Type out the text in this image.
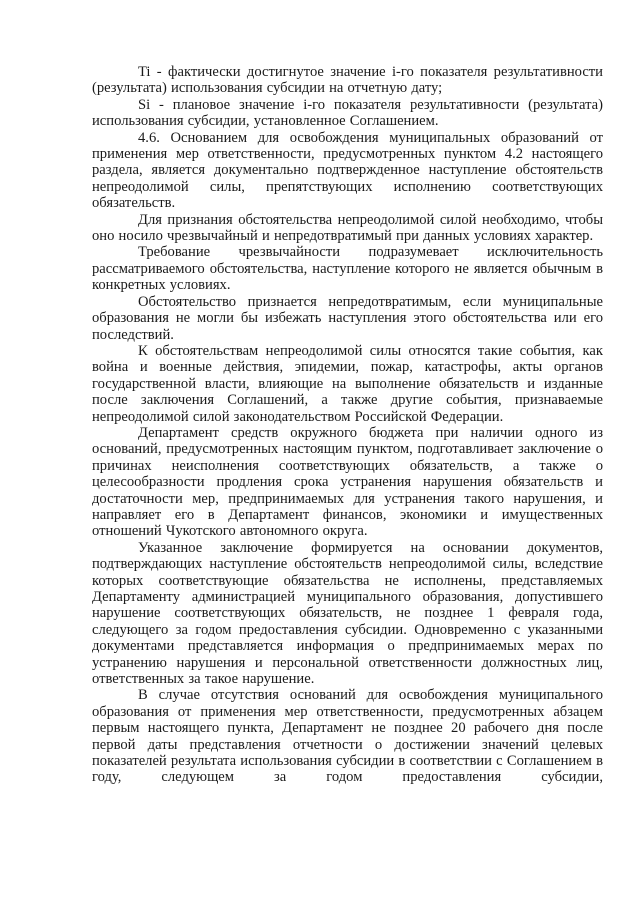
Ti - фактически достигнутое значение i-го показателя результативности (результата) использования субсидии на отчетную дату;

Si - плановое значение i-го показателя результативности (результата) использования субсидии, установленное Соглашением.

4.6. Основанием для освобождения муниципальных образований от применения мер ответственности, предусмотренных пунктом 4.2 настоящего раздела, является документально подтвержденное наступление обстоятельств непреодолимой силы, препятствующих исполнению соответствующих обязательств.

Для признания обстоятельства непреодолимой силой необходимо, чтобы оно носило чрезвычайный и непредотвратимый при данных условиях характер.

Требование чрезвычайности подразумевает исключительность рассматриваемого обстоятельства, наступление которого не является обычным в конкретных условиях.

Обстоятельство признается непредотвратимым, если муниципальные образования не могли бы избежать наступления этого обстоятельства или его последствий.

К обстоятельствам непреодолимой силы относятся такие события, как война и военные действия, эпидемии, пожар, катастрофы, акты органов государственной власти, влияющие на выполнение обязательств и изданные после заключения Соглашений, а также другие события, признаваемые непреодолимой силой законодательством Российской Федерации.

Департамент средств окружного бюджета при наличии одного из оснований, предусмотренных настоящим пунктом, подготавливает заключение о причинах неисполнения соответствующих обязательств, а также о целесообразности продления срока устранения нарушения обязательств и достаточности мер, предпринимаемых для устранения такого нарушения, и направляет его в Департамент финансов, экономики и имущественных отношений Чукотского автономного округа.

Указанное заключение формируется на основании документов, подтверждающих наступление обстоятельств непреодолимой силы, вследствие которых соответствующие обязательства не исполнены, представляемых Департаменту администрацией муниципального образования, допустившего нарушение соответствующих обязательств, не позднее 1 февраля года, следующего за годом предоставления субсидии. Одновременно с указанными документами представляется информация о предпринимаемых мерах по устранению нарушения и персональной ответственности должностных лиц, ответственных за такое нарушение.

В случае отсутствия оснований для освобождения муниципального образования от применения мер ответственности, предусмотренных абзацем первым настоящего пункта, Департамент не позднее 20 рабочего дня после первой даты представления отчетности о достижении значений целевых показателей результата использования субсидии в соответствии с Соглашением в году, следующем за годом предоставления субсидии,
